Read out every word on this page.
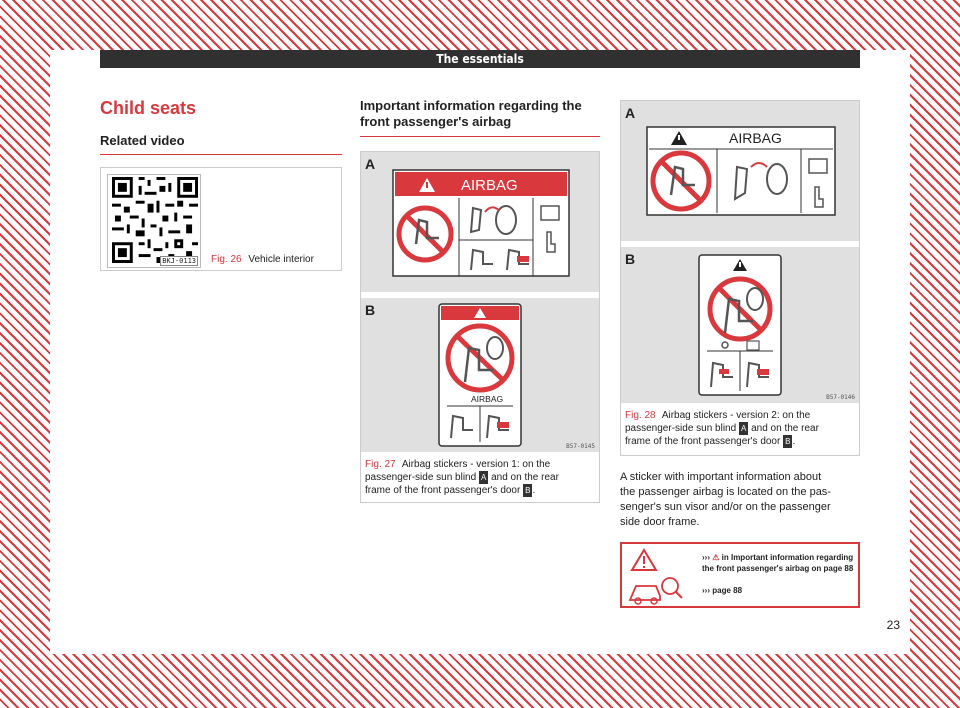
The essentials
Child seats
Related video
BKJ-0113 Fig. 26 Vehicle interior
Important information regarding the
front passenger's airbag
A
AIRBAG
B
AIRBAG
B57-0145
Fig. 27 Airbag stickers - version 1: on the
passenger-side sun blind A and on the rear
frame of the front passenger's door B .
A
AIRBAG
B
B57-0146
Fig. 28 Airbag stickers - version 2: on the
passenger-side sun blind A and on the rear
frame of the front passenger's door B .
A sticker with important information about
the passenger airbag is located on the pas-
senger's sun visor and/or on the passenger
side door frame.
››› ⚠ in Important information regarding
the front passenger's airbag on page 88
››› page 88
23
